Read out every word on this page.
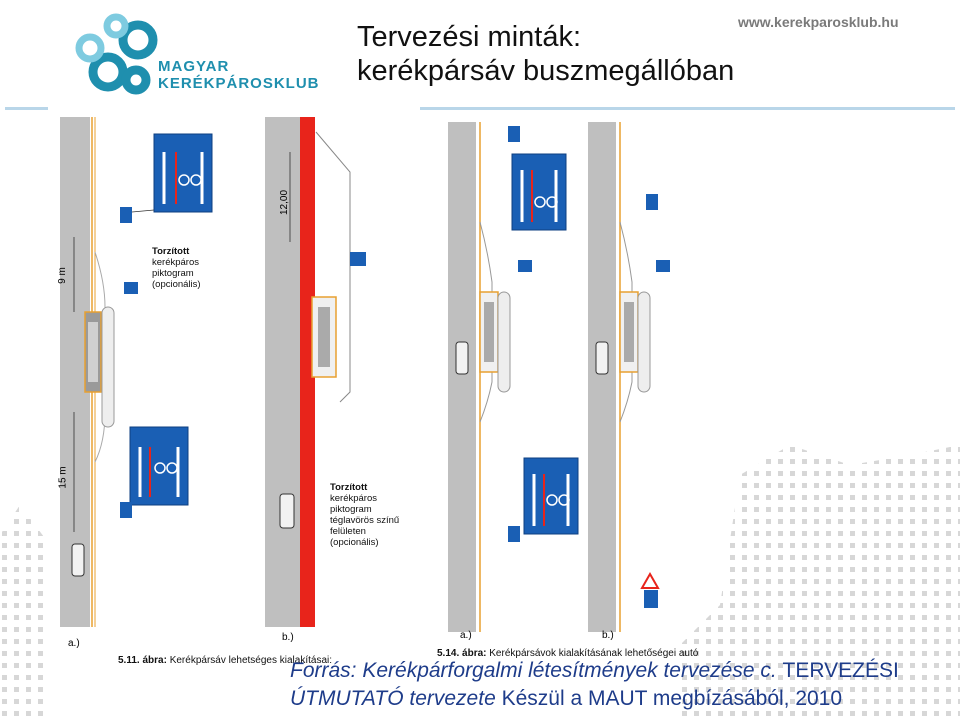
MAGYAR
KERÉKPÁROSKLUB
Tervezési minták:
kerékpársáv buszmegállóban
www.kerekparosklub.hu
9 m
15 m
12,00
Torzított
kerékpáros
piktogram
(opcionális)
Torzított
kerékpáros
piktogram
téglavörös színű
felületen
(opcionális)
a.)
b.)	a.)	b.)
5.11. ábra: Kerékpársáv lehetséges kialakításai:
5.14. ábra: Kerékpársávok kialakításának lehetőségei autó
Forrás: Kerékpárforgalmi létesítmények tervezése c. TERVEZÉSI
ÚTMUTATÓ tervezete Készül a MAUT megbízásából, 2010
